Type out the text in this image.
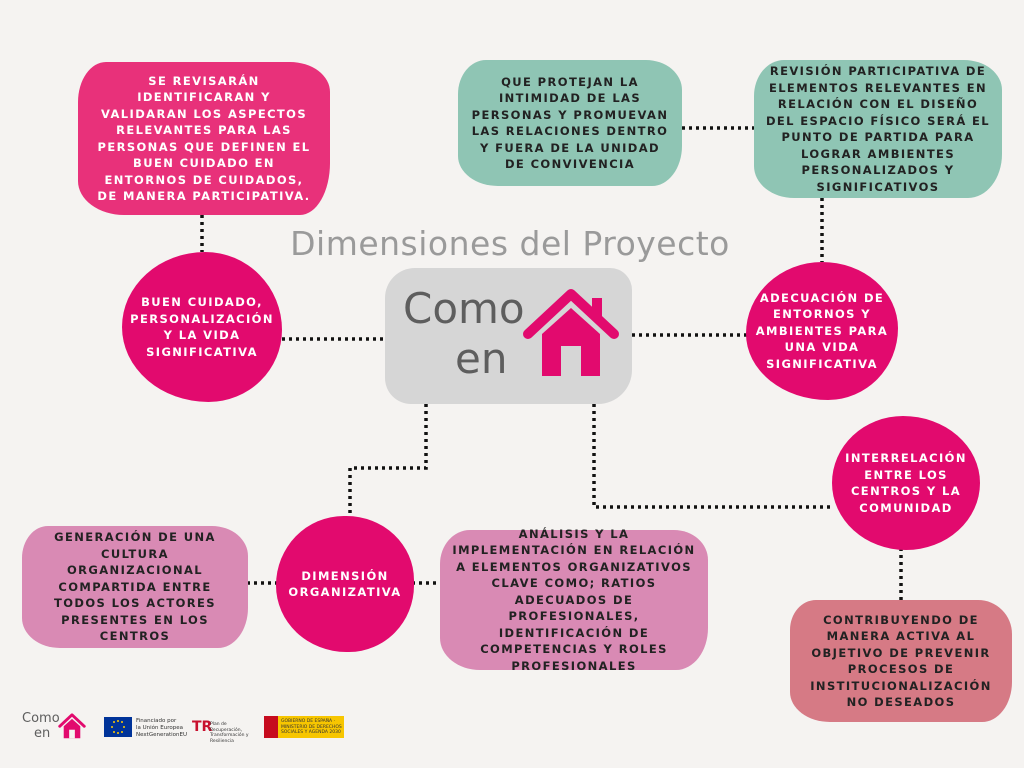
Dimensiones del Proyecto
Como
en
SE REVISARÁN IDENTIFICARAN Y VALIDARAN LOS ASPECTOS RELEVANTES PARA LAS PERSONAS QUE DEFINEN EL BUEN CUIDADO EN ENTORNOS DE CUIDADOS, DE MANERA PARTICIPATIVA.
BUEN CUIDADO, PERSONALIZACIÓN Y LA VIDA SIGNIFICATIVA
QUE PROTEJAN LA INTIMIDAD DE LAS PERSONAS Y PROMUEVAN LAS RELACIONES DENTRO Y FUERA DE LA UNIDAD DE CONVIVENCIA
REVISIÓN PARTICIPATIVA DE ELEMENTOS RELEVANTES EN RELACIÓN CON EL DISEÑO DEL ESPACIO FÍSICO SERÁ EL PUNTO DE PARTIDA PARA LOGRAR AMBIENTES PERSONALIZADOS Y SIGNIFICATIVOS
ADECUACIÓN DE ENTORNOS Y AMBIENTES PARA UNA VIDA SIGNIFICATIVA
INTERRELACIÓN ENTRE LOS CENTROS Y LA COMUNIDAD
CONTRIBUYENDO DE MANERA ACTIVA AL OBJETIVO DE PREVENIR PROCESOS DE INSTITUCIONALIZACIÓN NO DESEADOS
GENERACIÓN DE UNA CULTURA ORGANIZACIONAL COMPARTIDA ENTRE TODOS LOS ACTORES PRESENTES EN LOS CENTROS
DIMENSIÓN ORGANIZATIVA
ANÁLISIS Y LA IMPLEMENTACIÓN EN RELACIÓN A ELEMENTOS ORGANIZATIVOS CLAVE COMO; RATIOS ADECUADOS DE PROFESIONALES, IDENTIFICACIÓN DE COMPETENCIAS Y ROLES PROFESIONALES
Como
en
Financiado por
la Unión Europea
NextGenerationEU TR
Plan de Recuperación, Transformación y Resiliencia
GOBIERNO DE ESPAÑA · MINISTERIO DE DERECHOS SOCIALES Y AGENDA 2030
